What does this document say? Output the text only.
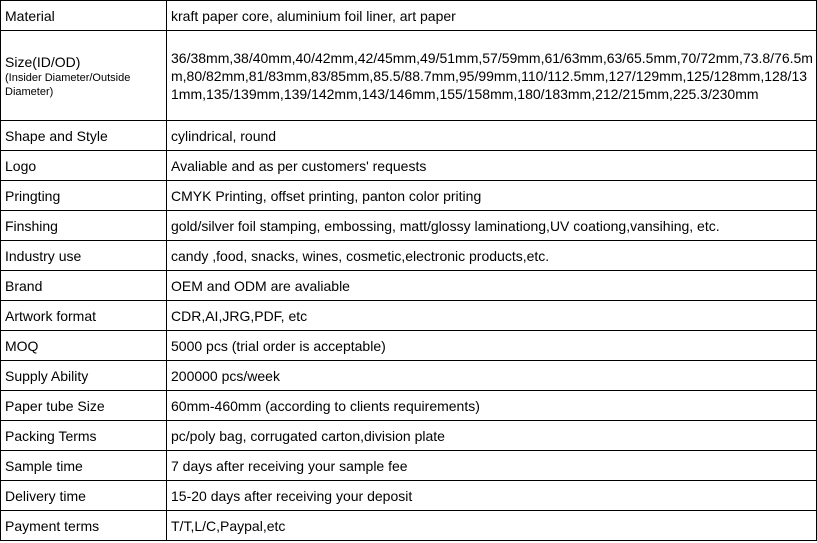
Material	kraft paper core, aluminium foil liner, art paper
Size(ID/OD)
(Insider Diameter/Outside Diameter)	36/38mm,38/40mm,40/42mm,42/45mm,49/51mm,57/59mm,61/63mm,63/65.5mm,70/72mm,73.8/76.5mm,80/82mm,81/83mm,83/85mm,85.5/88.7mm,95/99mm,110/112.5mm,127/129mm,125/128mm,128/131mm,135/139mm,139/142mm,143/146mm,155/158mm,180/183mm,212/215mm,225.3/230mm
Shape and Style	cylindrical, round
Logo	Avaliable and as per customers' requests
Pringting	CMYK Printing, offset printing, panton color priting
Finshing	gold/silver foil stamping, embossing, matt/glossy laminationg,UV coationg,vansihing, etc.
Industry use	candy ,food, snacks, wines, cosmetic,electronic products,etc.
Brand	OEM and ODM are avaliable
Artwork format	CDR,AI,JRG,PDF, etc
MOQ	5000 pcs (trial order is acceptable)
Supply Ability	200000 pcs/week
Paper tube Size	60mm-460mm (according to clients requirements)
Packing Terms	pc/poly bag, corrugated carton,division plate
Sample time	7 days after receiving your sample fee
Delivery time	15-20 days after receiving your deposit
Payment terms	T/T,L/C,Paypal,etc
